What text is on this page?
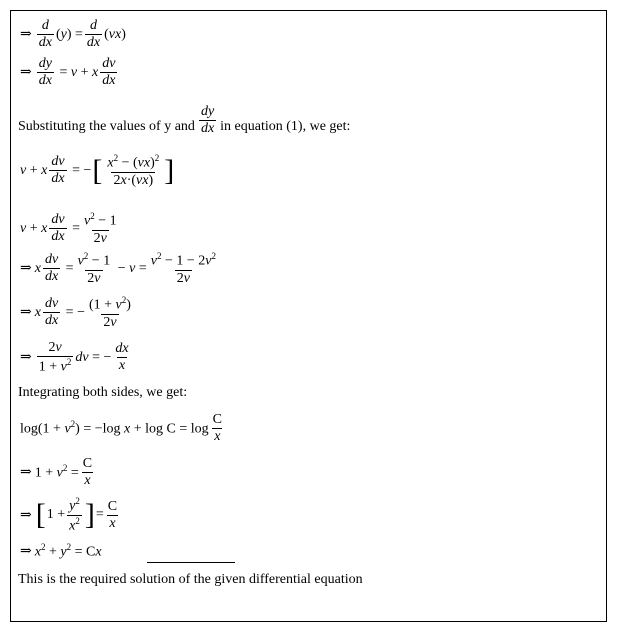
⇒ $\frac{d}{dx} (y) = \frac{d}{dx} (vx)$
⇒ $\frac{dy}{dx} = v + x \frac{dv}{dx}$
Substituting the values of y and $\frac{dy}{dx}$ in equation (1), we get:
v + x $\frac{dv}{dx}$ = − [ $\frac{x^2 - (vx)^2}{2x\cdot(vx)}$ ]
v + x $\frac{dv}{dx} = \frac{v^2 - 1}{2v}$
⇒ x $\frac{dv}{dx} = \frac{v^2 - 1}{2v} - v = \frac{v^2 - 1 - 2v^2}{2v}$
⇒ x $\frac{dv}{dx}$ = − $\frac{(1 + v^2)}{2v}$
⇒ $\frac{2v}{1 + v^2}$ dv = − $\frac{dx}{x}$
Integrating both sides, we get:
$\log(1 + v^2) = -\log$ $x + \log C = \log \frac{C}{x}$
⇒ $1 + v^2 = \frac{C}{x}$
⇒ [ $1 + \frac{y^2}{x^2}$ ] = $\frac{C}{x}$
⇒ $x^2 + y^2 = Cx$
This is the required solution of the given differential equation
